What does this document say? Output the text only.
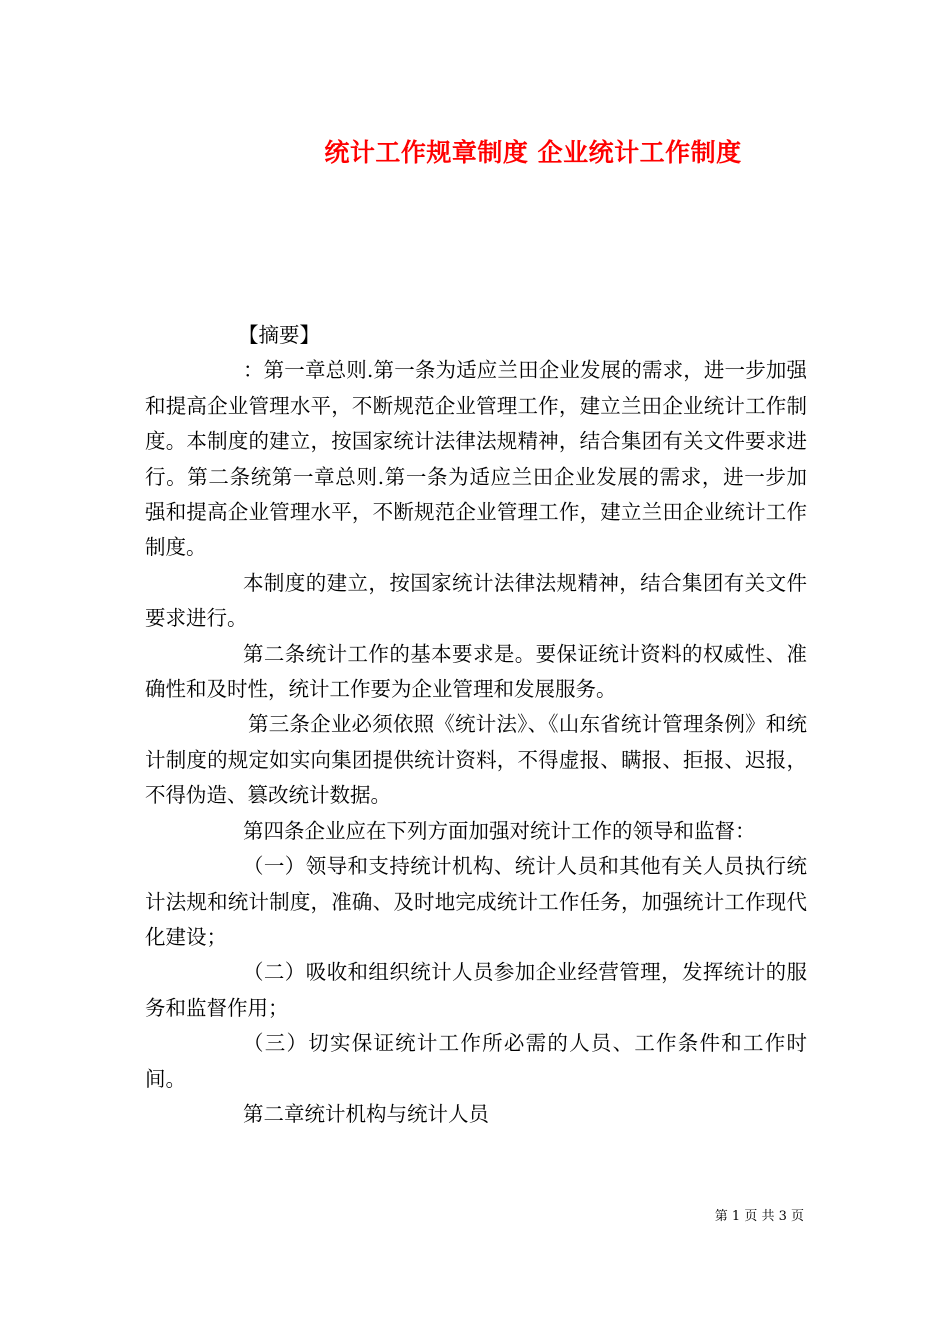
统计工作规章制度 企业统计工作制度
【摘要】

：第一章总则.第一条为适应兰田企业发展的需求，进一步加强和提高企业管理水平，不断规范企业管理工作，建立兰田企业统计工作制度。本制度的建立，按国家统计法律法规精神，结合集团有关文件要求进行。第二条统第一章总则.第一条为适应兰田企业发展的需求，进一步加强和提高企业管理水平，不断规范企业管理工作，建立兰田企业统计工作制度。

本制度的建立，按国家统计法律法规精神，结合集团有关文件要求进行。

第二条统计工作的基本要求是。要保证统计资料的权威性、准确性和及时性，统计工作要为企业管理和发展服务。

第三条企业必须依照《统计法》、《山东省统计管理条例》和统计制度的规定如实向集团提供统计资料，不得虚报、瞒报、拒报、迟报，不得伪造、篡改统计数据。

第四条企业应在下列方面加强对统计工作的领导和监督：

（一）领导和支持统计机构、统计人员和其他有关人员执行统计法规和统计制度，准确、及时地完成统计工作任务，加强统计工作现代化建设；

（二）吸收和组织统计人员参加企业经营管理，发挥统计的服务和监督作用；

（三）切实保证统计工作所必需的人员、工作条件和工作时间。

第二章统计机构与统计人员

第 1 页 共 3 页
